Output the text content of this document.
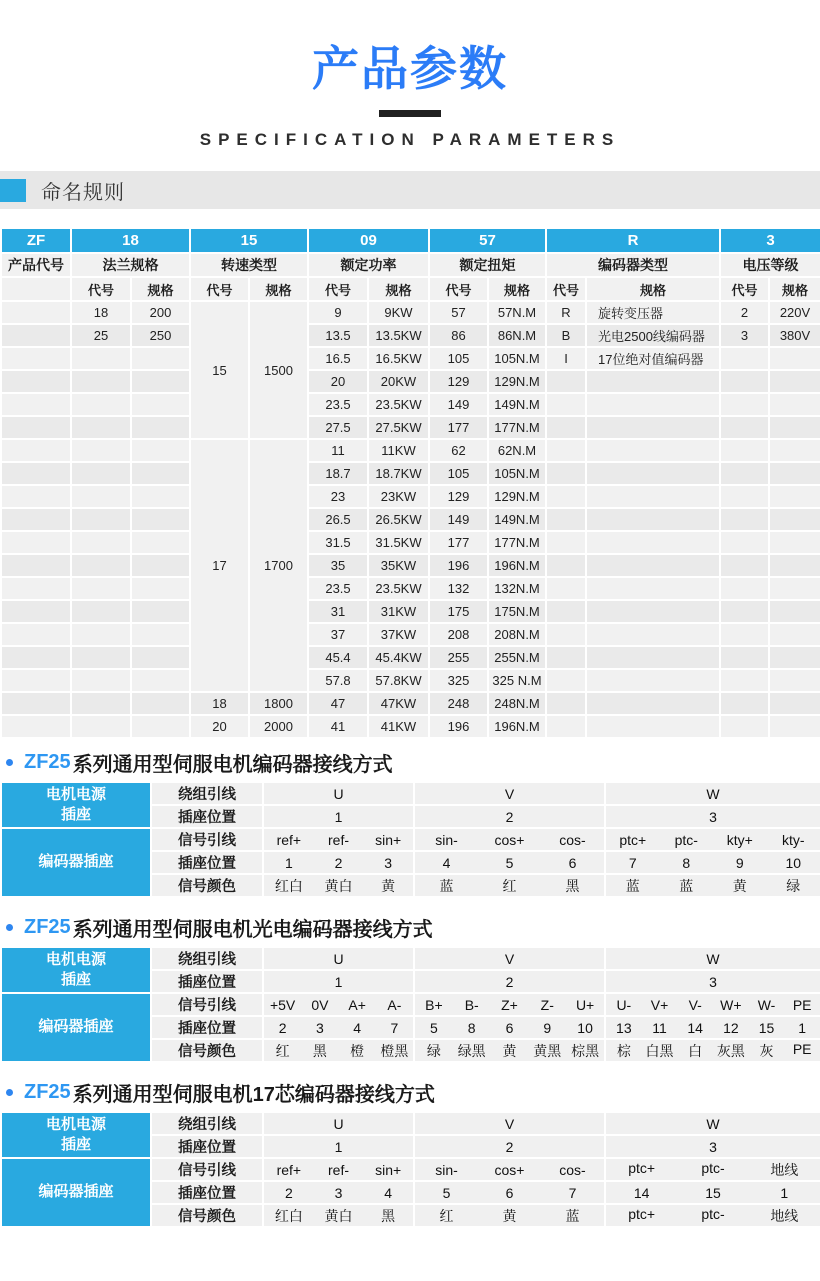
产品参数
SPECIFICATION PARAMETERS
命名规则
ZF	18		15		09		57		R		3	
产品代号	法兰规格		转速类型		额定功率		额定扭矩		编码器类型		电压等级	
	代号	规格	代号	规格	代号	规格	代号	规格	代号	规格	代号	规格
	18	200	15	1500	9	9KW	57	57N.M	R	旋转变压器	2	220V
	25	250			13.5	13.5KW	86	86N.M	B	光电2500线编码器	3	380V
					16.5	16.5KW	105	105N.M	I	17位绝对值编码器		
					20	20KW	129	129N.M				
					23.5	23.5KW	149	149N.M				
					27.5	27.5KW	177	177N.M				
			17	1700	11	11KW	62	62N.M				
					18.7	18.7KW	105	105N.M				
					23	23KW	129	129N.M				
					26.5	26.5KW	149	149N.M				
					31.5	31.5KW	177	177N.M				
					35	35KW	196	196N.M				
					23.5	23.5KW	132	132N.M				
					31	31KW	175	175N.M				
					37	37KW	208	208N.M				
					45.4	45.4KW	255	255N.M				
					57.8	57.8KW	325	325 N.M				
			18	1800	47	47KW	248	248N.M				
			20	2000	41	41KW	196	196N.M				
ZF25 系列通用型伺服电机编码器接线方式
电机电源
插座	绕组引线	U	V	W

	插座位置	1	2	3

编码器插座	信号引线	ref+ ref- sin+	sin- cos+ cos-	ptc+ ptc- kty+ kty-

	插座位置	1 2 3	4 5 6	7 8 9 10

	信号颜色	红白 黄白 黄	蓝 红 黑	蓝 蓝 黄 绿
ZF25 系列通用型伺服电机光电编码器接线方式
电机电源
插座	绕组引线	U	V	W

	插座位置	1	2	3

编码器插座	信号引线	+5V	0V	A+	A-	B+	B-	Z+	Z-	U+	U-	V+	V-	W+	W-	PE

插座位置	2	3	4	7	5	8	6	9	10	13	11	14	12	15	1

信号颜色	红	黑	橙	橙黑	绿	绿黑	黄	黄黑 棕黑	棕	白黑	白	灰黑	灰	PE
ZF25 系列通用型伺服电机17芯编码器接线方式
电机电源
插座	绕组引线	U	V	W

	插座位置	1	2	3

编码器插座	信号引线	ref+ ref- sin+	sin- cos+ cos-	ptc+ ptc- 地线

	插座位置	2 3 4	5 6 7	14 15 1

	信号颜色	红白 黄白 黑	红 黄 蓝	ptc+ ptc- 地线
